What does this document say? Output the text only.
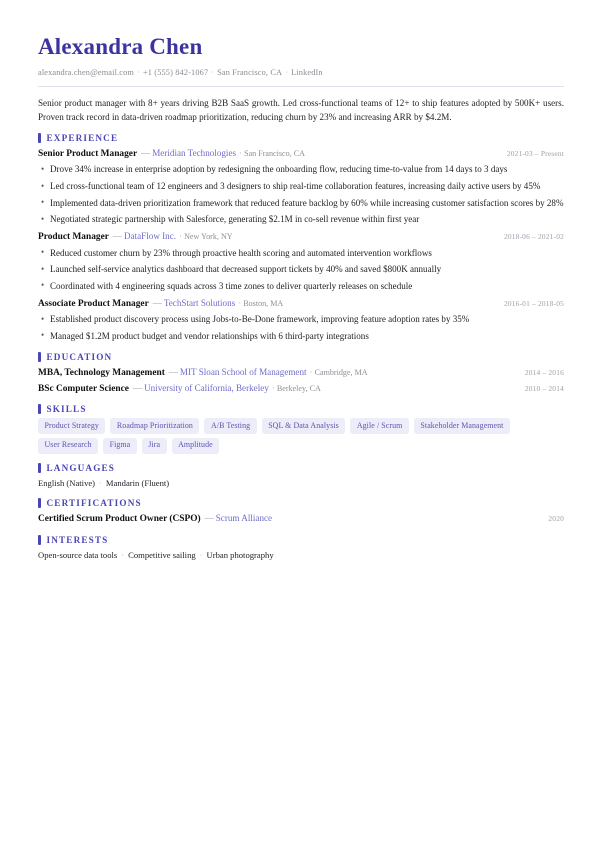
Alexandra Chen
alexandra.chen@email.com · +1 (555) 842-1067 · San Francisco, CA · LinkedIn
Senior product manager with 8+ years driving B2B SaaS growth. Led cross-functional teams of 12+ to ship features adopted by 500K+ users. Proven track record in data-driven roadmap prioritization, reducing churn by 23% and increasing ARR by $4.2M.
EXPERIENCE
Senior Product Manager — Meridian Technologies · San Francisco, CA	2021-03 – Present
• Drove 34% increase in enterprise adoption by redesigning the onboarding flow, reducing time-to-value from 14 days to 3 days
• Led cross-functional team of 12 engineers and 3 designers to ship real-time collaboration features, increasing daily active users by 45%
• Implemented data-driven prioritization framework that reduced feature backlog by 60% while increasing customer satisfaction scores by 28%
• Negotiated strategic partnership with Salesforce, generating $2.1M in co-sell revenue within first year
Product Manager — DataFlow Inc. · New York, NY	2018-06 – 2021-02
• Reduced customer churn by 23% through proactive health scoring and automated intervention workflows
• Launched self-service analytics dashboard that decreased support tickets by 40% and saved $800K annually
• Coordinated with 4 engineering squads across 3 time zones to deliver quarterly releases on schedule
Associate Product Manager — TechStart Solutions · Boston, MA	2016-01 – 2018-05
• Established product discovery process using Jobs-to-Be-Done framework, improving feature adoption rates by 35%
• Managed $1.2M product budget and vendor relationships with 6 third-party integrations
EDUCATION
MBA, Technology Management — MIT Sloan School of Management · Cambridge, MA	2014 – 2016
BSc Computer Science — University of California, Berkeley · Berkeley, CA	2010 – 2014
SKILLS
Product Strategy	Roadmap Prioritization	A/B Testing	SQL & Data Analysis	Agile / Scrum	Stakeholder Management
User Research	Figma	Jira	Amplitude
LANGUAGES
English (Native) · Mandarin (Fluent)
CERTIFICATIONS
Certified Scrum Product Owner (CSPO) — Scrum Alliance	2020
INTERESTS
Open-source data tools · Competitive sailing · Urban photography
